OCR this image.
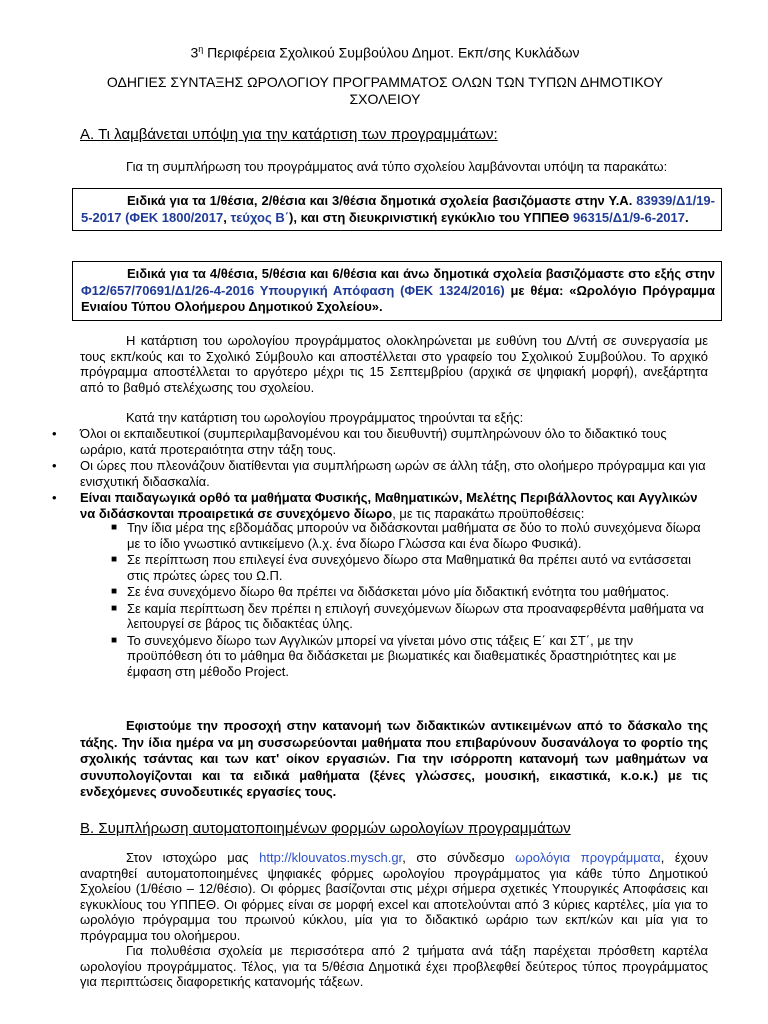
$3^\eta$ Περιφέρεια Σχολικού Συμβούλου Δημοτ. Εκπ/σης Κυκλάδων
ΟΔΗΓΙΕΣ ΣΥΝΤΑΞΗΣ ΩΡΟΛΟΓΙΟΥ ΠΡΟΓΡΑΜΜΑΤΟΣ ΟΛΩΝ ΤΩΝ ΤΥΠΩΝ ΔΗΜΟΤΙΚΟΥ
ΣΧΟΛΕΙΟΥ
Α. Τι λαμβάνεται υπόψη για την κατάρτιση των προγραμμάτων:
Για τη συμπλήρωση του προγράμματος ανά τύπο σχολείου λαμβάνονται υπόψη τα παρακάτω:
Ειδικά για τα 1/θέσια, 2/θέσια και 3/θέσια δημοτικά σχολεία βασιζόμαστε στην Υ.Α. 83939/Δ1/19-5-2017 (ΦΕΚ 1800/2017, τεύχος Β΄), και στη διευκρινιστική εγκύκλιο του ΥΠΠΕΘ 96315/Δ1/9-6-2017.
Ειδικά για τα 4/θέσια, 5/θέσια και 6/θέσια και άνω δημοτικά σχολεία βασιζόμαστε στο εξής στην Φ12/657/70691/Δ1/26-4-2016 Υπουργική Απόφαση (ΦΕΚ 1324/2016) με θέμα: «Ωρολόγιο Πρόγραμμα Ενιαίου Τύπου Ολοήμερου Δημοτικού Σχολείου».
Η κατάρτιση του ωρολογίου προγράμματος ολοκληρώνεται με ευθύνη του Δ/ντή σε συνεργασία με τους εκπ/κούς και το Σχολικό Σύμβουλο και αποστέλλεται στο γραφείο του Σχολικού Συμβούλου. Το αρχικό πρόγραμμα αποστέλλεται το αργότερο μέχρι τις 15 Σεπτεμβρίου (αρχικά σε ψηφιακή μορφή), ανεξάρτητα από το βαθμό στελέχωσης του σχολείου.
Κατά την κατάρτιση του ωρολογίου προγράμματος τηρούνται τα εξής:
• Όλοι οι εκπαιδευτικοί (συμπεριλαμβανομένου και του διευθυντή) συμπληρώνουν όλο το διδακτικό τους ωράριο, κατά προτεραιότητα στην τάξη τους.
• Οι ώρες που πλεονάζουν διατίθενται για συμπλήρωση ωρών σε άλλη τάξη, στο ολοήμερο πρόγραμμα και για ενισχυτική διδασκαλία.
• Είναι παιδαγωγικά ορθό τα μαθήματα Φυσικής, Μαθηματικών, Μελέτης Περιβάλλοντος και Αγγλικών να διδάσκονται προαιρετικά σε συνεχόμενο δίωρο, με τις παρακάτω προϋποθέσεις:
■ Την ίδια μέρα της εβδομάδας μπορούν να διδάσκονται μαθήματα σε δύο το πολύ συνεχόμενα δίωρα με το ίδιο γνωστικό αντικείμενο (λ.χ. ένα δίωρο Γλώσσα και ένα δίωρο Φυσικά).
■ Σε περίπτωση που επιλεγεί ένα συνεχόμενο δίωρο στα Μαθηματικά θα πρέπει αυτό να εντάσσεται στις πρώτες ώρες του Ω.Π.
■ Σε ένα συνεχόμενο δίωρο θα πρέπει να διδάσκεται μόνο μία διδακτική ενότητα του μαθήματος.
■ Σε καμία περίπτωση δεν πρέπει η επιλογή συνεχόμενων δίωρων στα προαναφερθέντα μαθήματα να λειτουργεί σε βάρος τις διδακτέας ύλης.
■ Το συνεχόμενο δίωρο των Αγγλικών μπορεί να γίνεται μόνο στις τάξεις Ε΄ και ΣΤ΄, με την προϋπόθεση ότι το μάθημα θα διδάσκεται με βιωματικές και διαθεματικές δραστηριότητες και με έμφαση στη μέθοδο Project.
Εφιστούμε την προσοχή στην κατανομή των διδακτικών αντικειμένων από το δάσκαλο της τάξης. Την ίδια ημέρα να μη συσσωρεύονται μαθήματα που επιβαρύνουν δυσανάλογα το φορτίο της σχολικής τσάντας και των κατ' οίκον εργασιών. Για την ισόρροπη κατανομή των μαθημάτων να συνυπολογίζονται και τα ειδικά μαθήματα (ξένες γλώσσες, μουσική, εικαστικά, κ.ο.κ.) με τις ενδεχόμενες συνοδευτικές εργασίες τους.
Β. Συμπλήρωση αυτοματοποιημένων φορμών ωρολογίων προγραμμάτων
Στον ιστοχώρο μας http://klouvatos.mysch.gr, στο σύνδεσμο ωρολόγια προγράμματα, έχουν αναρτηθεί αυτοματοποιημένες ψηφιακές φόρμες ωρολογίου προγράμματος για κάθε τύπο Δημοτικού Σχολείου (1/θέσιο – 12/θέσιο). Οι φόρμες βασίζονται στις μέχρι σήμερα σχετικές Υπουργικές Αποφάσεις και εγκυκλίους του ΥΠΠΕΘ. Οι φόρμες είναι σε μορφή excel και αποτελούνται από 3 κύριες καρτέλες, μία για το ωρολόγιο πρόγραμμα του πρωινού κύκλου, μία για το διδακτικό ωράριο των εκπ/κών και μία για το πρόγραμμα του ολοήμερου.
Για πολυθέσια σχολεία με περισσότερα από 2 τμήματα ανά τάξη παρέχεται πρόσθετη καρτέλα ωρολογίου προγράμματος. Τέλος, για τα 5/θέσια Δημοτικά έχει προβλεφθεί δεύτερος τύπος προγράμματος για περιπτώσεις διαφορετικής κατανομής τάξεων.
